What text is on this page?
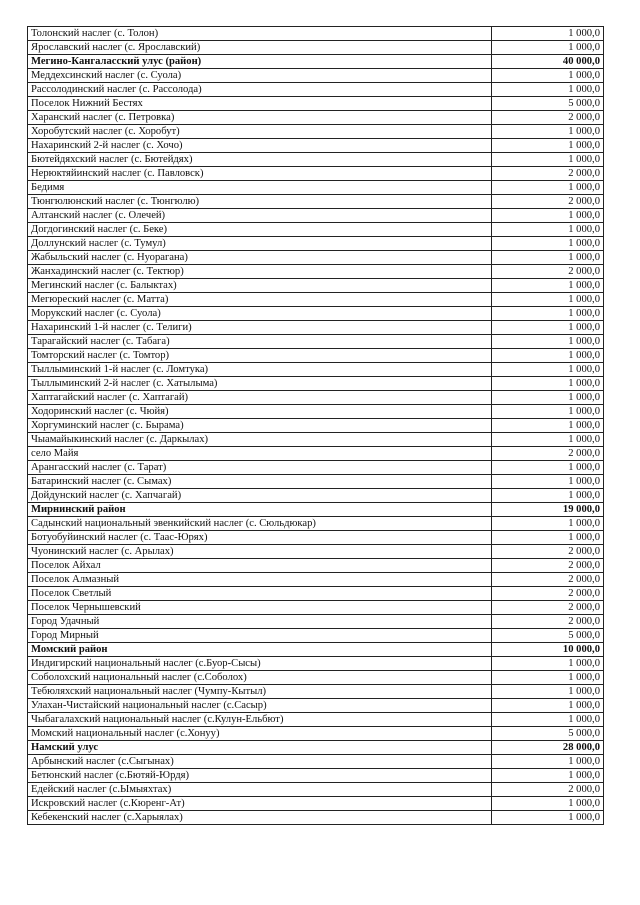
Толонский наслег (с. Толон)	1 000,0
Ярославский наслег (с. Ярославский)	1 000,0
Мегино-Кангаласский улус (район)	40 000,0
Меддехсинский наслег (с. Суола)	1 000,0
Рассолодинский наслег (с. Рассолода)	1 000,0
Поселок Нижний Бестях	5 000,0
Харанский наслег (с. Петровка)	2 000,0
Хоробутский наслег (с. Хоробут)	1 000,0
Нахаринский 2-й наслег (с. Хочо)	1 000,0
Бютейдяхский наслег (с. Бютейдях)	1 000,0
Нерюктяйинский наслег (с. Павловск)	2 000,0
Бедимя	1 000,0
Тюнгюлюнский наслег (с. Тюнгюлю)	2 000,0
Алтанский наслег (с. Олечей)	1 000,0
Догдогинский наслег (с. Беке)	1 000,0
Доллунский наслег (с. Тумул)	1 000,0
Жабыльский наслег (с. Нуорагана)	1 000,0
Жанхадинский наслег (с. Тектюр)	2 000,0
Мегинский наслег (с. Балыктах)	1 000,0
Мегюреский наслег (с. Матта)	1 000,0
Морукский наслег (с. Суола)	1 000,0
Нахаринский 1-й наслег (с. Телиги)	1 000,0
Тарагайский наслег (с. Табага)	1 000,0
Томторский наслег (с. Томтор)	1 000,0
Тыллыминский 1-й наслег (с. Ломтука)	1 000,0
Тыллыминский 2-й наслег (с. Хатылыма)	1 000,0
Хаптагайский наслег (с. Хаптагай)	1 000,0
Ходоринский наслег (с. Чюйя)	1 000,0
Хоргуминский наслег (с. Бырама)	1 000,0
Чыамайыкинский наслег (с. Даркылах)	1 000,0
село Майя	2 000,0
Арангасский наслег (с. Тарат)	1 000,0
Батаринский наслег (с. Сымах)	1 000,0
Дойдунский наслег (с. Хапчагай)	1 000,0
Мирнинский район	19 000,0
Садынский национальный эвенкийский наслег (с. Сюльдюкар)	1 000,0
Ботуобуйинский наслег (с. Таас-Юрях)	1 000,0
Чуонинский наслег (с. Арылах)	2 000,0
Поселок Айхал	2 000,0
Поселок Алмазный	2 000,0
Поселок Светлый	2 000,0
Поселок Чернышевский	2 000,0
Город Удачный	2 000,0
Город Мирный	5 000,0
Момский район	10 000,0
Индигирский национальный наслег (с.Буор-Сысы)	1 000,0
Соболохский национальный наслег (с.Соболох)	1 000,0
Тебюляхский национальный наслег (Чумпу-Кытыл)	1 000,0
Улахан-Чистайский национальный наслег (с.Сасыр)	1 000,0
Чыбагалахский национальный наслег (с.Кулун-Ельбют)	1 000,0
Момский национальный наслег (с.Хонуу)	5 000,0
Намский улус	28 000,0
Арбынский наслег (с.Сыгынах)	1 000,0
Бетюнский наслег (с.Бютяй-Юрдя)	1 000,0
Едейский наслег (с.Ымыяхтах)	2 000,0
Искровский наслег (с.Кюренг-Ат)	1 000,0
Кебекенский наслег (с.Харыялах)	1 000,0
